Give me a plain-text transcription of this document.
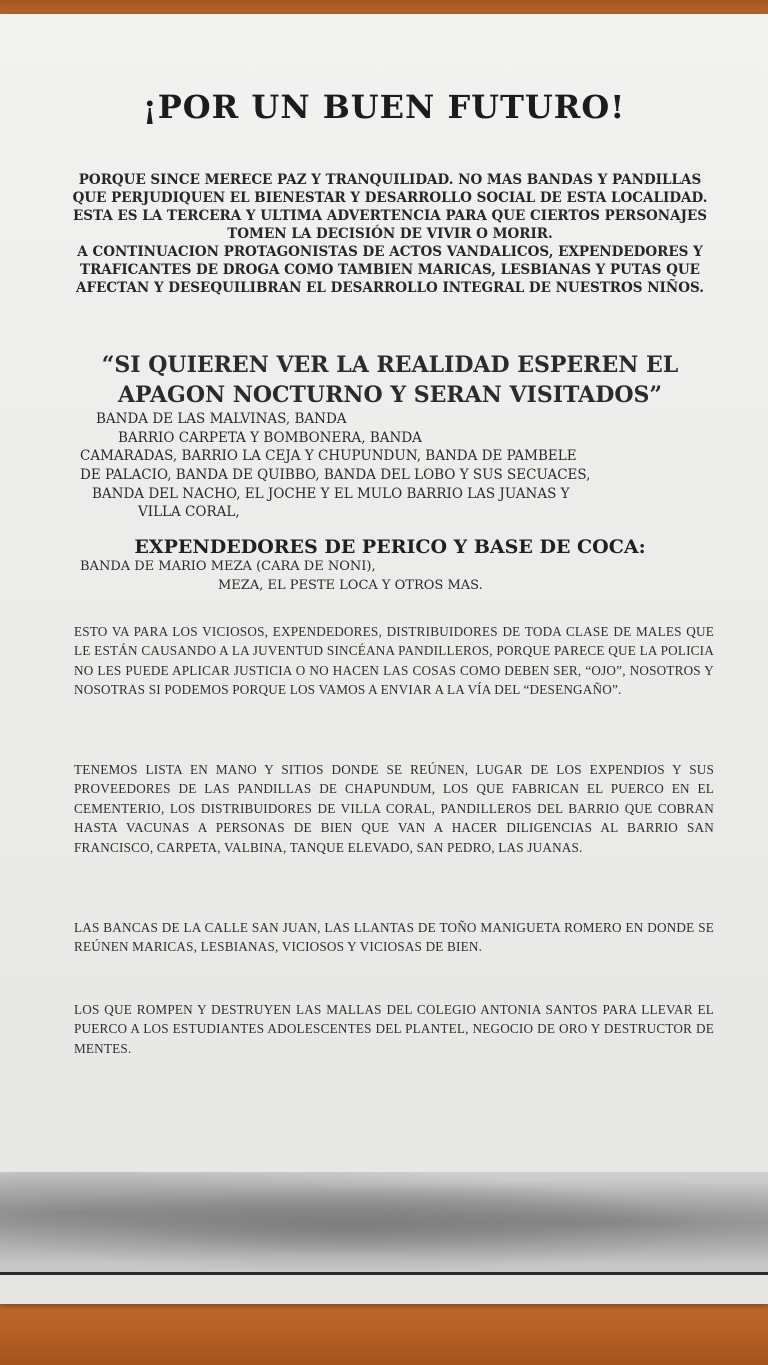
¡POR UN BUEN FUTURO!

PORQUE SINCE MERECE PAZ Y TRANQUILIDAD. NO MAS BANDAS Y PANDILLAS QUE PERJUDIQUEN EL BIENESTAR Y DESARROLLO SOCIAL DE ESTA LOCALIDAD.

ESTA ES LA TERCERA Y ULTIMA ADVERTENCIA PARA QUE CIERTOS PERSONAJES TOMEN LA DECISIÓN DE VIVIR O MORIR.

A CONTINUACION PROTAGONISTAS DE ACTOS VANDALICOS, EXPENDEDORES Y TRAFICANTES DE DROGA COMO TAMBIEN MARICAS, LESBIANAS Y PUTAS QUE AFECTAN Y DESEQUILIBRAN EL DESARROLLO INTEGRAL DE NUESTROS NIÑOS.

“SI QUIEREN VER LA REALIDAD ESPEREN EL

APAGON NOCTURNO Y SERAN VISITADOS”

BANDA DE LAS MALVINAS, BANDA

BARRIO CARPETA Y BOMBONERA, BANDA

CAMARADAS, BARRIO LA CEJA Y CHUPUNDUN, BANDA DE PAMBELE

DE PALACIO, BANDA DE QUIBBO, BANDA DEL LOBO Y SUS SECUACES,

BANDA DEL NACHO, EL JOCHE Y EL MULO BARRIO LAS JUANAS Y

VILLA CORAL,

EXPENDEDORES DE PERICO Y BASE DE COCA:

BANDA DE MARIO MEZA (CARA DE NONI),

MEZA, EL PESTE LOCA Y OTROS MAS.

ESTO VA PARA LOS VICIOSOS, EXPENDEDORES, DISTRIBUIDORES DE TODA CLASE DE MALES QUE LE ESTÁN CAUSANDO A LA JUVENTUD SINCÉANA PANDILLEROS, PORQUE PARECE QUE LA POLICIA NO LES PUEDE APLICAR JUSTICIA O NO HACEN LAS COSAS COMO DEBEN SER, “OJO”, NOSOTROS Y NOSOTRAS SI PODEMOS PORQUE LOS VAMOS A ENVIAR A LA VÍA DEL “DESENGAÑO”.
TENEMOS LISTA EN MANO Y SITIOS DONDE SE REÚNEN, LUGAR DE LOS EXPENDIOS Y SUS PROVEEDORES DE LAS PANDILLAS DE CHAPUNDUM, LOS QUE FABRICAN EL PUERCO EN EL CEMENTERIO, LOS DISTRIBUIDORES DE VILLA CORAL, PANDILLEROS DEL BARRIO QUE COBRAN HASTA VACUNAS A PERSONAS DE BIEN QUE VAN A HACER DILIGENCIAS AL BARRIO SAN FRANCISCO, CARPETA, VALBINA, TANQUE ELEVADO, SAN PEDRO, LAS JUANAS.
LAS BANCAS DE LA CALLE SAN JUAN, LAS LLANTAS DE TOÑO MANIGUETA ROMERO EN DONDE SE REÚNEN MARICAS, LESBIANAS, VICIOSOS Y VICIOSAS DE BIEN.
LOS QUE ROMPEN Y DESTRUYEN LAS MALLAS DEL COLEGIO ANTONIA SANTOS PARA LLEVAR EL PUERCO A LOS ESTUDIANTES ADOLESCENTES DEL PLANTEL, NEGOCIO DE ORO Y DESTRUCTOR DE MENTES.
